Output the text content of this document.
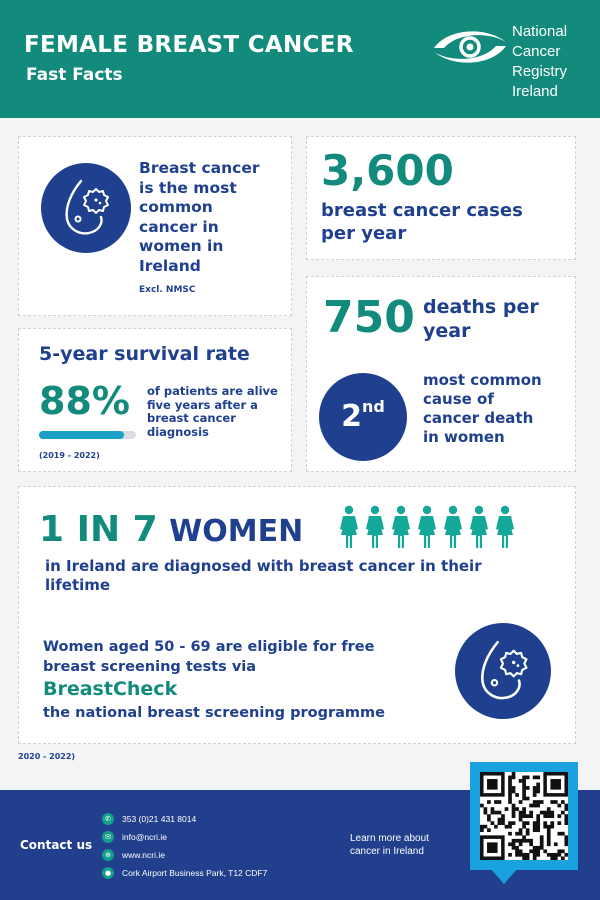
FEMALE BREAST CANCER
Fast Facts
National
Cancer
Registry
Ireland
Breast cancer
is the most
common
cancer in
women in
Ireland
Excl. NMSC
3,600
breast cancer cases
per year
5-year survival rate
88% of patients are alive
five years after a
breast cancer
diagnosis
(2019 - 2022)
750 deaths per
year
2nd
most common
cause of
cancer death
in women
1 IN 7 WOMEN
in Ireland are diagnosed with breast cancer in their
lifetime
Women aged 50 - 69 are eligible for free
breast screening tests via
BreastCheck
the national breast screening programme
2020 - 2022)
Contact us
✆	353 (0)21 431 8014
✉	info@ncri.ie
⊕	www.ncri.ie
●	Cork Airport Business Park, T12 CDF7
Learn more about
cancer in Ireland
